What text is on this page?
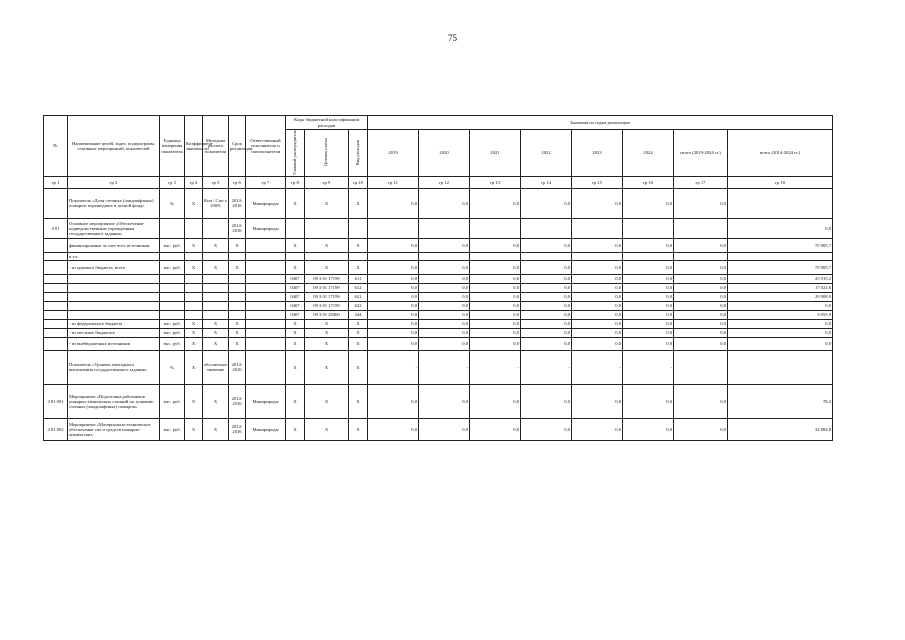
75
№	Наименование целей, задач, подпрограмм, основных мероприятий, показателей	Единица измерения показателя	Коэффициент значимости	Методика расчета показателя	Срок реализации	Ответственный исполнитель и соисполнители	Коды бюджетной классификации расходов			Значения по годам реализации							
							Главный распорядитель	Целевая статья	Вид расходов	2019	2020	2021	2022	2023	2024	итого (2019-2024 гг.)	всего (2014-2024 гг.)
гр 1	гр 2	гр 3	гр 4	гр 5	гр 6	гр 7	гр 8	гр 9	гр 10	гр 11	гр 12	гр 13	гр 14	гр 15	гр 16	гр 17	гр 18
	Показатель «Доля степных (ландшафтных) пожаров, перешедших в лесной фонд»	%	X	Кпп / Спп х 100%	2014-2016	Минприроды	X	X	X	0,0	0,0	0,0	0,0	0,0	0,0	0,0	
4 01	Основное мероприятие «Обеспечение подведомственным учреждениям государственного задания»				2014-2016	Минприроды											0,0
	финансирование за счет всех источников,	тыс. руб.	X	X	X		X	X	X	0,0	0,0	0,0	0,0	0,0	0,0	0,0	75 905,7
	в т.ч.																
	- из краевого бюджета, всего	тыс. руб.	X	X	X		X	X	X	0,0	0,0	0,0	0,0	0,0	0,0	0,0	75 905,7
							0407	09 3 01 17199	611	0,0	0,0	0,0	0,0	0,0	0,0	0,0	25 919,2
							0407	09 3 01 17199	612	0,0	0,0	0,0	0,0	0,0	0,0	0,0	17 021,6
							0407	09 3 01 17199	621	0,0	0,0	0,0	0,0	0,0	0,0	0,0	29 908,9
							0407	09 3 01 17199	622	0,0	0,0	0,0	0,0	0,0	0,0	0,0	0,0
							0407	09 3 01 29400	244	0,0	0,0	0,0	0,0	0,0	0,0	0,0	3 055,9
	- из федерального бюджета	тыс. руб.	X	X	X		X	X	X	0,0	0,0	0,0	0,0	0,0	0,0	0,0	0,0
	- из местных бюджетов	тыс. руб.	X	X	X		X	X	X	0,0	0,0	0,0	0,0	0,0	0,0	0,0	0,0
	- из внебюджетных источников	тыс. руб.	X	X	X		X	X	X	0,0	0,0	0,0	0,0	0,0	0,0	0,0	0,0
	Показатель «Уровень ежегодного выполнения государственного задания»	%	X	абсолютное значение	2014-2016		X	X	X	-	-	-	-	-	-		
4 01 001	Мероприятие «Подготовка работников пожарно-химических станций по тушению степных (ландшафтных) пожаров»	тыс. руб.	X	X	2014-2016	Минприроды	X	X	X	0,0	0,0	0,0	0,0	0,0	0,0	0,0	78,2
4 01 002	Мероприятие «Материально-техническое обеспечение сил и средств пожарно-химических	тыс. руб.	X	X	2014-2016	Минприроды	X	X	X	0,0	0,0	0,0	0,0	0,0	0,0	0,0	32 884,8
